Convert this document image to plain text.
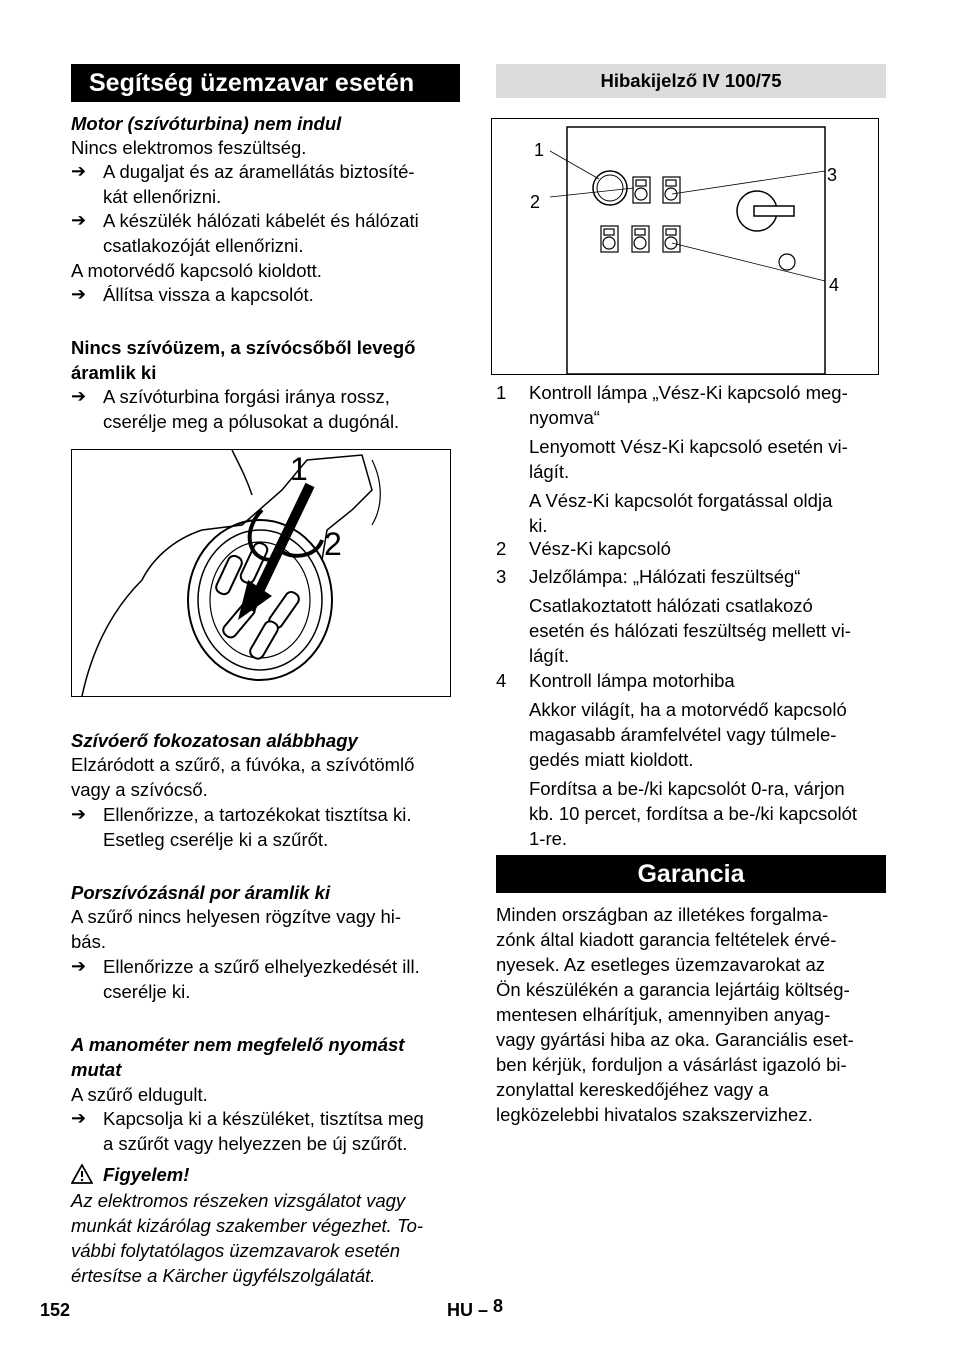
Segítség üzemzavar esetén
Motor (szívóturbina) nem indul
Nincs elektromos feszültség.
➔ A dugaljat és az áramellátás biztosíté-
kát ellenőrizni.
➔ A készülék hálózati kábelét és hálózati
csatlakozóját ellenőrizni.
A motorvédő kapcsoló kioldott.
➔ Állítsa vissza a kapcsolót.
Nincs szívóüzem, a szívócsőből levegő
áramlik ki
➔ A szívóturbina forgási iránya rossz,
cserélje meg a pólusokat a dugónál.
1
2
Szívóerő fokozatosan alábbhagy
Elzáródott a szűrő, a fúvóka, a szívótömlő
vagy a szívócső.
➔ Ellenőrizze, a tartozékokat tisztítsa ki.
Esetleg cserélje ki a szűrőt.
Porszívózásnál por áramlik ki
A szűrő nincs helyesen rögzítve vagy hi-
bás.
➔ Ellenőrizze a szűrő elhelyezkedését ill.
cserélje ki.
A manométer nem megfelelő nyomást
mutat
A szűrő eldugult.
➔ Kapcsolja ki a készüléket, tisztítsa meg
a szűrőt vagy helyezzen be új szűrőt.
Figyelem!
Az elektromos részeken vizsgálatot vagy
munkát kizárólag szakember végezhet. To-
vábbi folytatólagos üzemzavarok esetén
értesítse a Kärcher ügyfélszolgálatát.
Hibakijelző IV 100/75
1
2
3
4
1 Kontroll lámpa „Vész-Ki kapcsoló meg-
nyomva“
Lenyomott Vész-Ki kapcsoló esetén vi-
lágít.
A Vész-Ki kapcsolót forgatással oldja
ki.
2 Vész-Ki kapcsoló
3 Jelzőlámpa: „Hálózati feszültség“
Csatlakoztatott hálózati csatlakozó
esetén és hálózati feszültség mellett vi-
lágít.
4 Kontroll lámpa motorhiba
Akkor világít, ha a motorvédő kapcsoló
magasabb áramfelvétel vagy túlmele-
gedés miatt kioldott.
Fordítsa a be-/ki kapcsolót 0-ra, várjon
kb. 10 percet, fordítsa a be-/ki kapcsolót
1-re.
Garancia
Minden országban az illetékes forgalma-
zónk által kiadott garancia feltételek érvé-
nyesek. Az esetleges üzemzavarokat az
Ön készülékén a garancia lejártáig költség-
mentesen elhárítjuk, amennyiben anyag-
vagy gyártási hiba az oka. Garanciális eset-
ben kérjük, forduljon a vásárlást igazoló bi-
zonylattal kereskedőjéhez vagy a
legközelebbi hivatalos szakszervizhez.
152	HU – 8
